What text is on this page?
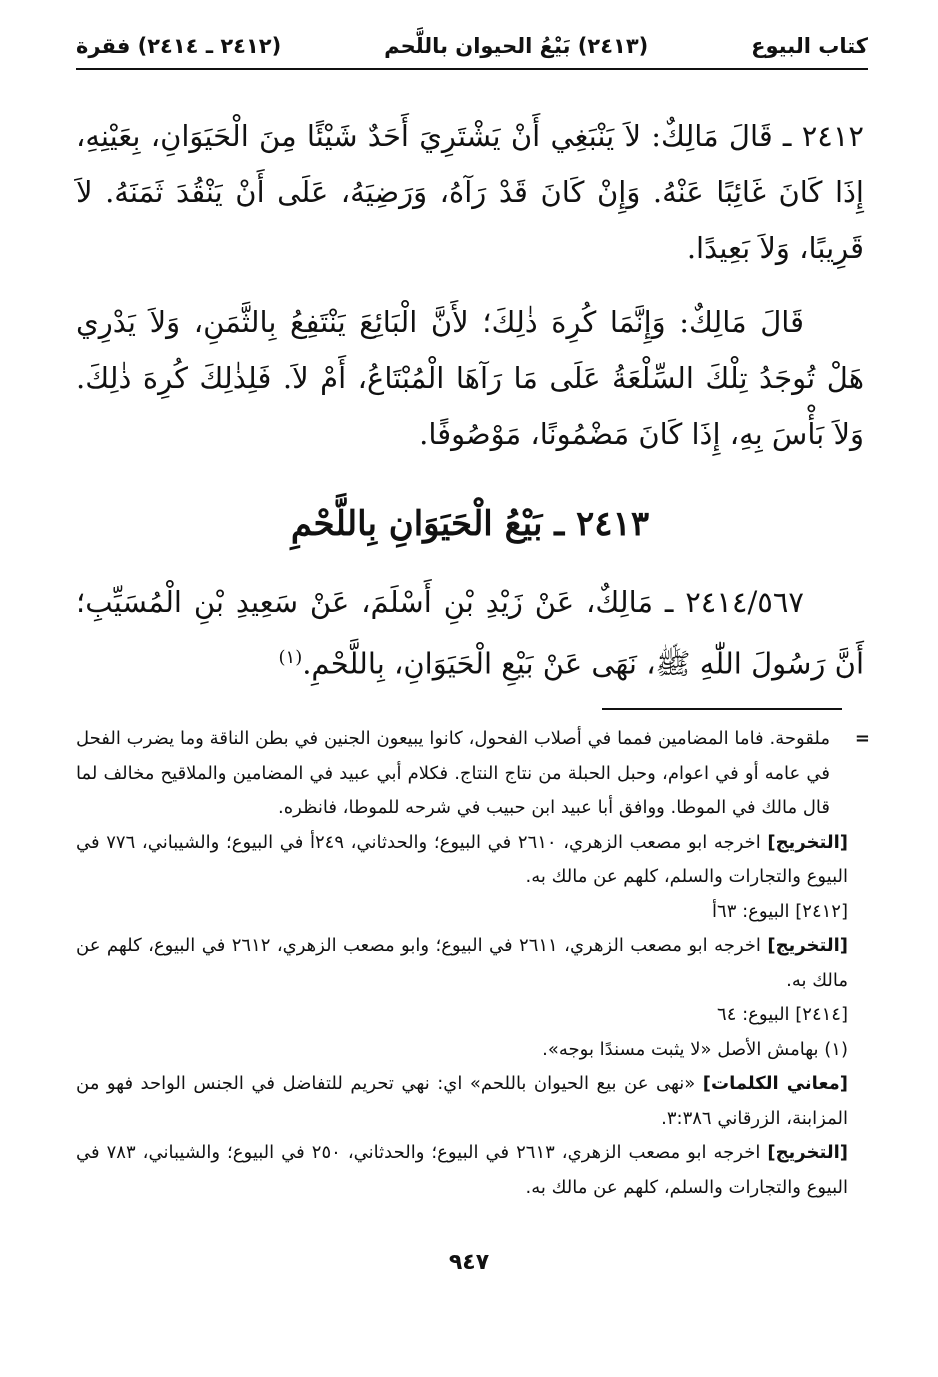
كتاب البيوع
(٢٤١٣) بَيْعُ الحيوان باللَّحم
(٢٤١٢ ـ ٢٤١٤) فقرة

٢٤١٢ ـ قَالَ مَالِكٌ: لاَ يَنْبَغِي أَنْ يَشْتَرِيَ أَحَدٌ شَيْئًا مِنَ الْحَيَوَانِ، بِعَيْنِهِ، إِذَا كَانَ غَائِبًا عَنْهُ. وَإِنْ كَانَ قَدْ رَآهُ، وَرَضِيَهُ، عَلَى أَنْ يَنْقُدَ ثَمَنَهُ. لاَ قَرِيبًا، وَلاَ بَعِيدًا.

قَالَ مَالِكٌ: وَإِنَّمَا كُرِهَ ذٰلِكَ؛ لأَنَّ الْبَائِعَ يَنْتَفِعُ بِالثَّمَنِ، وَلاَ يَدْرِي هَلْ تُوجَدُ تِلْكَ السِّلْعَةُ عَلَى مَا رَآهَا الْمُبْتَاعُ، أَمْ لاَ. فَلِذٰلِكَ كُرِهَ ذٰلِكَ. وَلاَ بَأْسَ بِهِ، إِذَا كَانَ مَضْمُونًا، مَوْصُوفًا.

٢٤١٣ ـ بَيْعُ الْحَيَوَانِ بِاللَّحْمِ

٢٤١٤/٥٦٧ ـ مَالِكٌ، عَنْ زَيْدِ بْنِ أَسْلَمَ، عَنْ سَعِيدِ بْنِ الْمُسَيِّبِ؛ أَنَّ رَسُولَ اللّٰهِ ﷺ، نَهَى عَنْ بَيْعِ الْحَيَوَانِ، بِاللَّحْمِ.$^{(١)}$

=
ملقوحة. فاما المضامين فمما في أصلاب الفحول، كانوا يبيعون الجنين في بطن الناقة وما يضرب الفحل في عامه أو في اعوام، وحبل الحبلة من نتاج النتاج. فكلام أبي عبيد في المضامين والملاقيح مخالف لما قال مالك في الموطا. ووافق أبا عبيد ابن حبيب في شرحه للموطا، فانظره.

[التخريج] اخرجه ابو مصعب الزهري، ٢٦١٠ في البيوع؛ والحدثاني، ٢٤٩أ في البيوع؛ والشيباني، ٧٧٦ في البيوع والتجارات والسلم، كلهم عن مالك به.

[٢٤١٢] البيوع: ٦٣أ

[التخريج] اخرجه ابو مصعب الزهري، ٢٦١١ في البيوع؛ وابو مصعب الزهري، ٢٦١٢ في البيوع، كلهم عن مالك به.

[٢٤١٤] البيوع: ٦٤

(١) بهامش الأصل «لا يثبت مسندًا بوجه».

[معاني الكلمات] «نهى عن بيع الحيوان باللحم» اي: نهي تحريم للتفاضل في الجنس الواحد فهو من المزابنة، الزرقاني ٣:٣٨٦.

[التخريج] اخرجه ابو مصعب الزهري، ٢٦١٣ في البيوع؛ والحدثاني، ٢٥٠ في البيوع؛ والشيباني، ٧٨٣ في البيوع والتجارات والسلم، كلهم عن مالك به.

٩٤٧
